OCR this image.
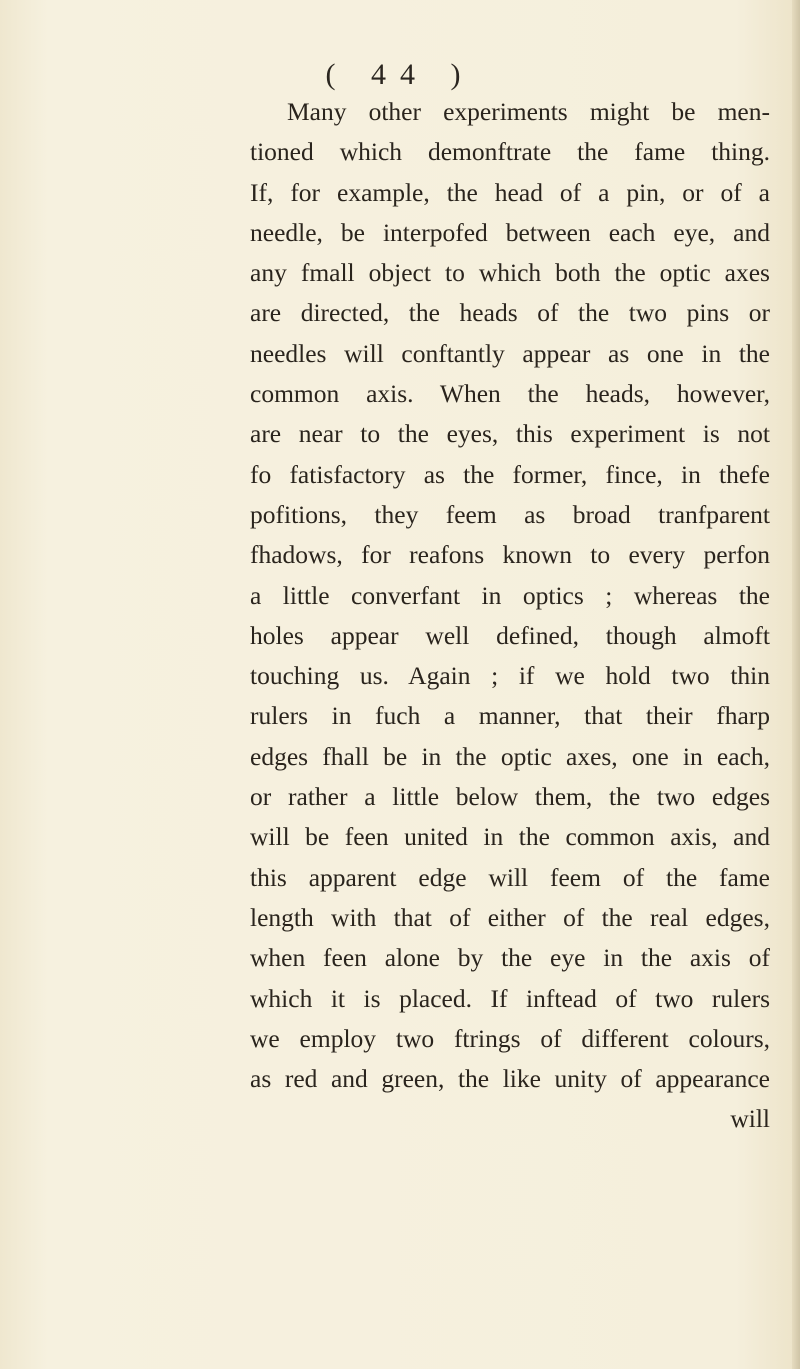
( 44 )
Many other experiments might be men-
tioned which demonftrate the fame thing.
If, for example, the head of a pin, or of a
needle, be interpofed between each eye, and
any fmall object to which both the optic axes
are directed, the heads of the two pins or
needles will conftantly appear as one in the
common axis. When the heads, however,
are near to the eyes, this experiment is not
fo fatisfactory as the former, fince, in thefe
pofitions, they feem as broad tranfparent
fhadows, for reafons known to every perfon
a little converfant in optics ; whereas the
holes appear well defined, though almoft
touching us. Again ; if we hold two thin
rulers in fuch a manner, that their fharp
edges fhall be in the optic axes, one in each,
or rather a little below them, the two edges
will be feen united in the common axis, and
this apparent edge will feem of the fame
length with that of either of the real edges,
when feen alone by the eye in the axis of
which it is placed. If inftead of two rulers
we employ two ftrings of different colours,
as red and green, the like unity of appearance
will
